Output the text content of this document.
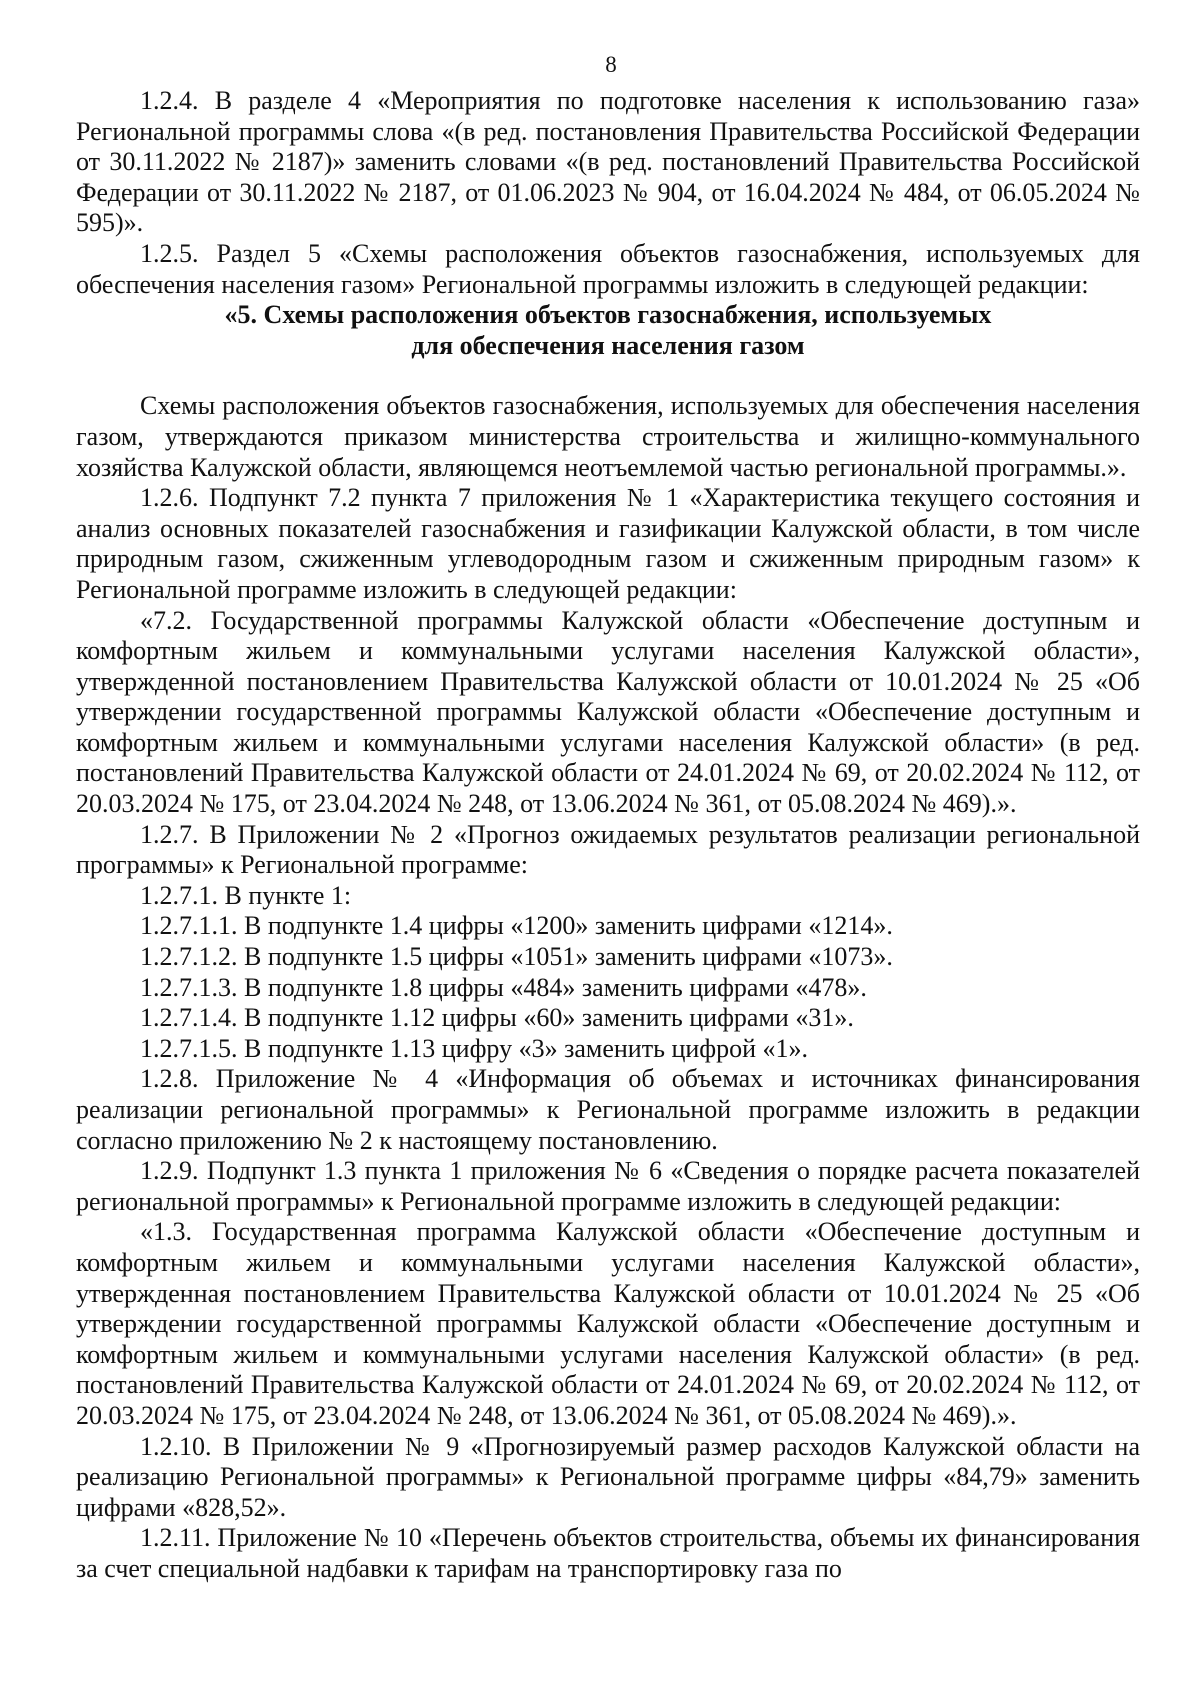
8

1.2.4. В разделе 4 «Мероприятия по подготовке населения к использованию газа» Региональной программы слова «(в ред. постановления Правительства Российской Федерации от 30.11.2022 № 2187)» заменить словами «(в ред. постановлений Правительства Российской Федерации от 30.11.2022 № 2187, от 01.06.2023 № 904, от 16.04.2024 № 484, от 06.05.2024 № 595)».

1.2.5. Раздел 5 «Схемы расположения объектов газоснабжения, используемых для обеспечения населения газом» Региональной программы изложить в следующей редакции:

«5. Схемы расположения объектов газоснабжения, используемых

для обеспечения населения газом

Схемы расположения объектов газоснабжения, используемых для обеспечения населения газом, утверждаются приказом министерства строительства и жилищно-коммунального хозяйства Калужской области, являющемся неотъемлемой частью региональной программы.».

1.2.6. Подпункт 7.2 пункта 7 приложения № 1 «Характеристика текущего состояния и анализ основных показателей газоснабжения и газификации Калужской области, в том числе природным газом, сжиженным углеводородным газом и сжиженным природным газом» к Региональной программе изложить в следующей редакции:

«7.2. Государственной программы Калужской области «Обеспечение доступным и комфортным жильем и коммунальными услугами населения Калужской области», утвержденной постановлением Правительства Калужской области от 10.01.2024 № 25 «Об утверждении государственной программы Калужской области «Обеспечение доступным и комфортным жильем и коммунальными услугами населения Калужской области» (в ред. постановлений Правительства Калужской области от 24.01.2024 № 69, от 20.02.2024 № 112, от 20.03.2024 № 175, от 23.04.2024 № 248, от 13.06.2024 № 361, от 05.08.2024 № 469).».

1.2.7. В Приложении № 2 «Прогноз ожидаемых результатов реализации региональной программы» к Региональной программе:

1.2.7.1. В пункте 1:

1.2.7.1.1. В подпункте 1.4 цифры «1200» заменить цифрами «1214».

1.2.7.1.2. В подпункте 1.5 цифры «1051» заменить цифрами «1073».

1.2.7.1.3. В подпункте 1.8 цифры «484» заменить цифрами «478».

1.2.7.1.4. В подпункте 1.12 цифры «60» заменить цифрами «31».

1.2.7.1.5. В подпункте 1.13 цифру «3» заменить цифрой «1».

1.2.8. Приложение № 4 «Информация об объемах и источниках финансирования реализации региональной программы» к Региональной программе изложить в редакции согласно приложению № 2 к настоящему постановлению.

1.2.9. Подпункт 1.3 пункта 1 приложения № 6 «Сведения о порядке расчета показателей региональной программы» к Региональной программе изложить в следующей редакции:

«1.3. Государственная программа Калужской области «Обеспечение доступным и комфортным жильем и коммунальными услугами населения Калужской области», утвержденная постановлением Правительства Калужской области от 10.01.2024 № 25 «Об утверждении государственной программы Калужской области «Обеспечение доступным и комфортным жильем и коммунальными услугами населения Калужской области» (в ред. постановлений Правительства Калужской области от 24.01.2024 № 69, от 20.02.2024 № 112, от 20.03.2024 № 175, от 23.04.2024 № 248, от 13.06.2024 № 361, от 05.08.2024 № 469).».

1.2.10. В Приложении № 9 «Прогнозируемый размер расходов Калужской области на реализацию Региональной программы» к Региональной программе цифры «84,79» заменить цифрами «828,52».

1.2.11. Приложение № 10 «Перечень объектов строительства, объемы их финансирования за счет специальной надбавки к тарифам на транспортировку газа по
